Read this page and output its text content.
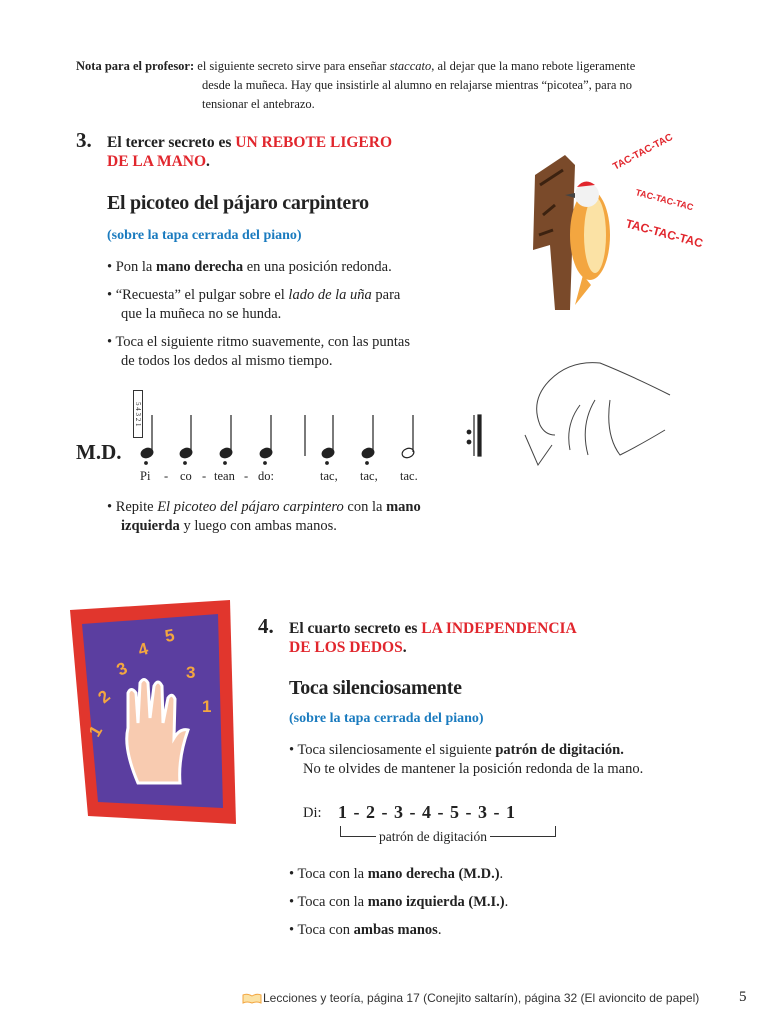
Nota para el profesor: el siguiente secreto sirve para enseñar staccato, al dejar que la mano rebote ligeramente
desde la muñeca. Hay que insistirle al alumno en relajarse mientras “picotea”, para no
tensionar el antebrazo.
3. El tercer secreto es UN REBOTE LIGERO
DE LA MANO.
El picoteo del pájaro carpintero
(sobre la tapa cerrada del piano)
• Pon la mano derecha en una posición redonda.
• “Recuesta” el pulgar sobre el lado de la uña para
que la muñeca no se hunda.
• Toca el siguiente ritmo suavemente, con las puntas
de todos los dedos al mismo tiempo.
TAC-TAC-TAC
TAC-TAC-TAC
TAC-TAC-TAC
M.D.
5 4 3 2 1
Pi - co - tean - do:	tac, tac, tac.
• Repite El picoteo del pájaro carpintero con la mano
izquierda y luego con ambas manos.
1
2
3
4
5
3
1
4. El cuarto secreto es LA INDEPENDENCIA
DE LOS DEDOS.
Toca silenciosamente
(sobre la tapa cerrada del piano)
• Toca silenciosamente el siguiente patrón de digitación.
No te olvides de mantener la posición redonda de la mano.
Di: 1 - 2 - 3 - 4 - 5 - 3 - 1
patrón de digitación
• Toca con la mano derecha (M.D.).
• Toca con la mano izquierda (M.I.).
• Toca con ambas manos.
Lecciones y teoría, página 17 (Conejito saltarín), página 32 (El avioncito de papel)	5
